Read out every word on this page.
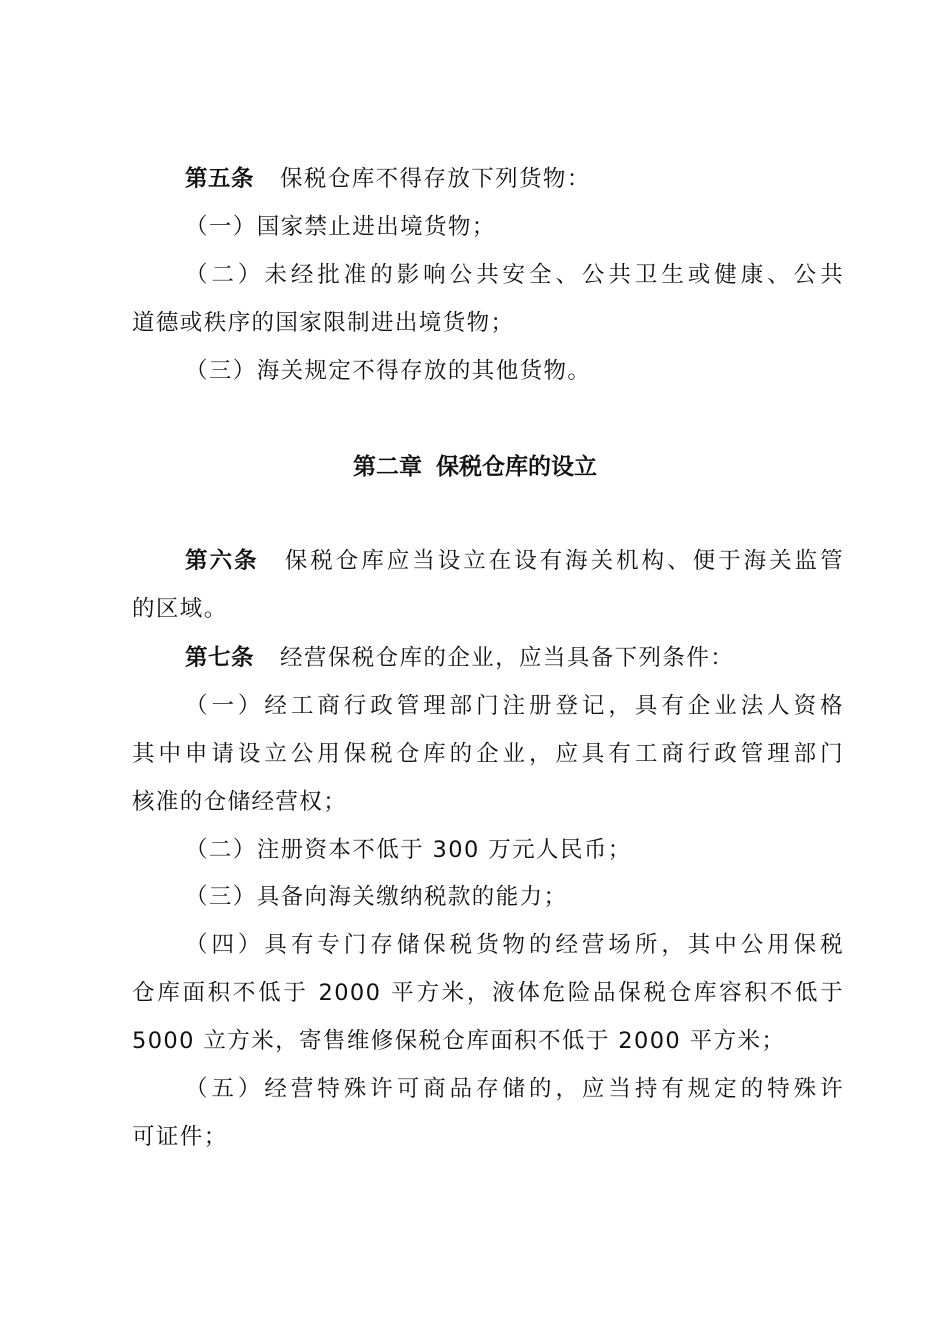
第五条 保税仓库不得存放下列货物：
（一）国家禁止进出境货物；
（二）未经批准的影响公共安全、公共卫生或健康、公共
道德或秩序的国家限制进出境货物；
（三）海关规定不得存放的其他货物。
第二章 保税仓库的设立
第六条 保税仓库应当设立在设有海关机构、便于海关监管
的区域。
第七条 经营保税仓库的企业，应当具备下列条件：
（一）经工商行政管理部门注册登记，具有企业法人资格
其中申请设立公用保税仓库的企业，应具有工商行政管理部门
核准的仓储经营权；
（二）注册资本不低于 300 万元人民币；
（三）具备向海关缴纳税款的能力；
（四）具有专门存储保税货物的经营场所，其中公用保税
仓库面积不低于 2000 平方米，液体危险品保税仓库容积不低于
5000 立方米，寄售维修保税仓库面积不低于 2000 平方米；
（五）经营特殊许可商品存储的，应当持有规定的特殊许
可证件；
